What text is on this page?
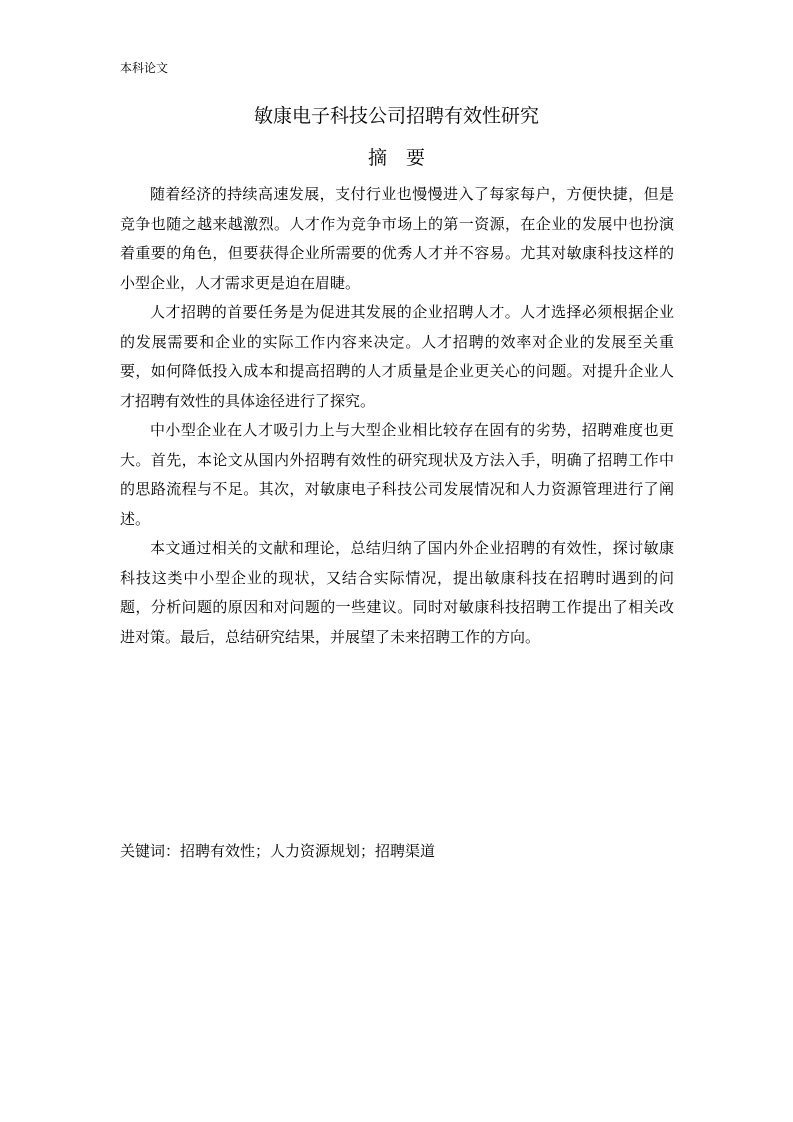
本科论文
敏康电子科技公司招聘有效性研究
摘要

随着经济的持续高速发展，支付行业也慢慢进入了每家每户，方便快捷，但是竞争也随之越来越激烈。人才作为竞争市场上的第一资源，在企业的发展中也扮演着重要的角色，但要获得企业所需要的优秀人才并不容易。尤其对敏康科技这样的小型企业，人才需求更是迫在眉睫。

人才招聘的首要任务是为促进其发展的企业招聘人才。人才选择必须根据企业的发展需要和企业的实际工作内容来决定。人才招聘的效率对企业的发展至关重要，如何降低投入成本和提高招聘的人才质量是企业更关心的问题。对提升企业人才招聘有效性的具体途径进行了探究。

中小型企业在人才吸引力上与大型企业相比较存在固有的劣势，招聘难度也更大。首先，本论文从国内外招聘有效性的研究现状及方法入手，明确了招聘工作中的思路流程与不足。其次，对敏康电子科技公司发展情况和人力资源管理进行了阐述。

本文通过相关的文献和理论，总结归纳了国内外企业招聘的有效性，探讨敏康科技这类中小型企业的现状，又结合实际情况，提出敏康科技在招聘时遇到的问题，分析问题的原因和对问题的一些建议。同时对敏康科技招聘工作提出了相关改进对策。最后，总结研究结果，并展望了未来招聘工作的方向。

关键词：招聘有效性；人力资源规划；招聘渠道
